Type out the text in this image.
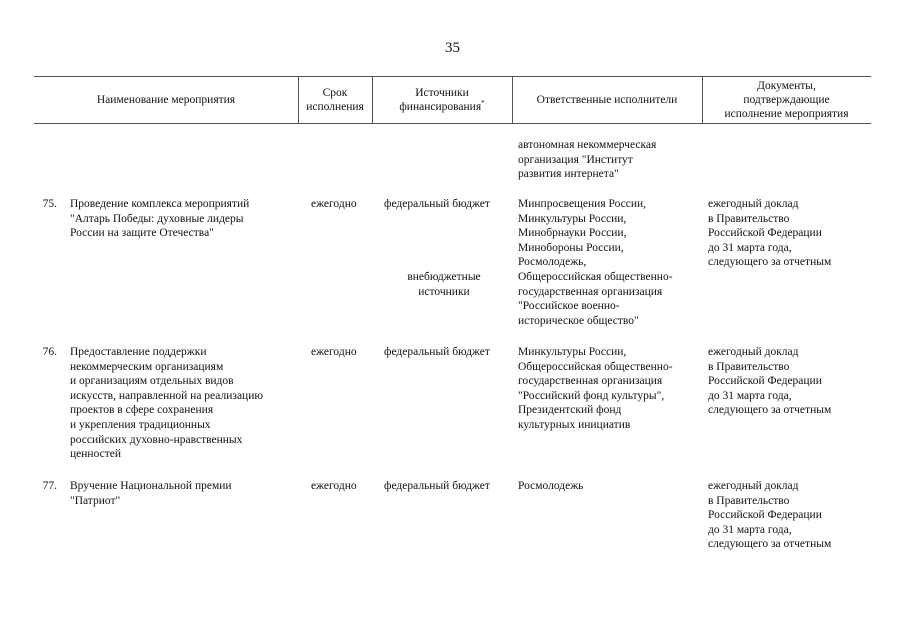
35
Наименование мероприятия
Срок
исполнения
Источники
финансирования*	Ответственные исполнители
Документы,
подтверждающие
исполнение мероприятия
автономная некоммерческая
организация "Институт
развития интернета"
75. Проведение комплекса мероприятий
"Алтарь Победы: духовные лидеры
России на защите Отечества"
ежегодно федеральный бюджет
внебюджетные
источники
Минпросвещения России,
Минкультуры России,
Минобрнауки России,
Минобороны России,
Росмолодежь,
Общероссийская общественно-
государственная организация
"Российское военно-
историческое общество"
ежегодный доклад
в Правительство
Российской Федерации
до 31 марта года,
следующего за отчетным
76. Предоставление поддержки
некоммерческим организациям
и организациям отдельных видов
искусств, направленной на реализацию
проектов в сфере сохранения
и укрепления традиционных
российских духовно-нравственных
ценностей
ежегодно федеральный бюджет Минкультуры России,
Общероссийская общественно-
государственная организация
"Российский фонд культуры",
Президентский фонд
культурных инициатив
ежегодный доклад
в Правительство
Российской Федерации
до 31 марта года,
следующего за отчетным
77. Вручение Национальной премии
"Патриот"
ежегодно федеральный бюджет Росмолодежь	ежегодный доклад
в Правительство
Российской Федерации
до 31 марта года,
следующего за отчетным
